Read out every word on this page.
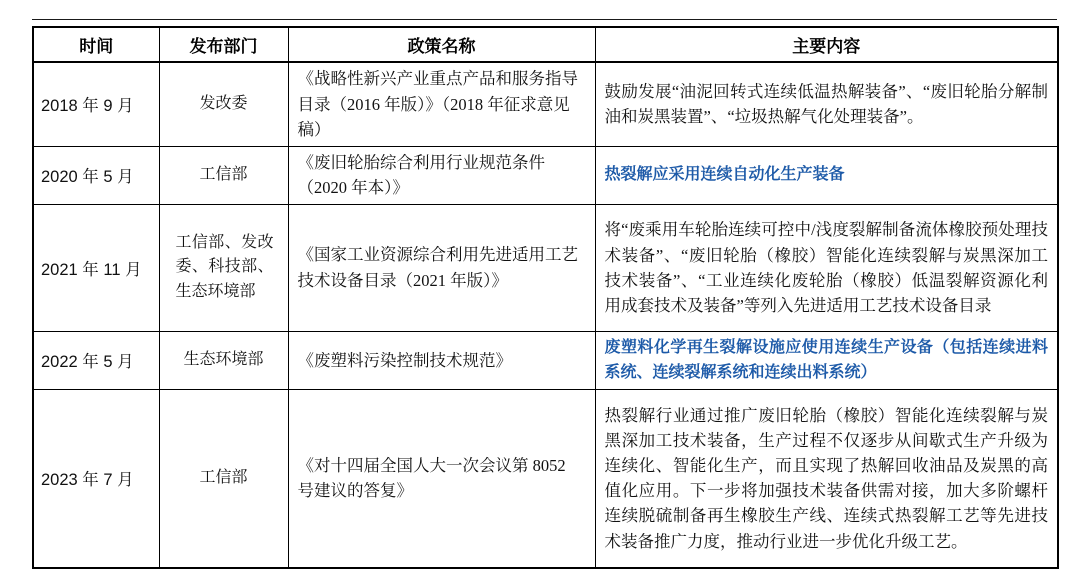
时间	发布部门	政策名称	主要内容
2018 年 9 月	发改委	《战略性新兴产业重点产品和服务指导目录（2016 年版）》（2018 年征求意见稿）	鼓励发展“油泥回转式连续低温热解装备”、“废旧轮胎分解制油和炭黑装置”、“垃圾热解气化处理装备”。
2020 年 5 月	工信部	《废旧轮胎综合利用行业规范条件（2020 年本）》	热裂解应采用连续自动化生产装备
2021 年 11 月	工信部、发改委、科技部、生态环境部	《国家工业资源综合利用先进适用工艺技术设备目录（2021 年版）》	将“废乘用车轮胎连续可控中/浅度裂解制备流体橡胶预处理技术装备”、“废旧轮胎（橡胶）智能化连续裂解与炭黑深加工技术装备”、“工业连续化废轮胎（橡胶）低温裂解资源化利用成套技术及装备”等列入先进适用工艺技术设备目录
2022 年 5 月	生态环境部	《废塑料污染控制技术规范》	废塑料化学再生裂解设施应使用连续生产设备（包括连续进料系统、连续裂解系统和连续出料系统）
2023 年 7 月	工信部	《对十四届全国人大一次会议第 8052 号建议的答复》	热裂解行业通过推广废旧轮胎（橡胶）智能化连续裂解与炭黑深加工技术装备，生产过程不仅逐步从间歇式生产升级为连续化、智能化生产，而且实现了热解回收油品及炭黑的高值化应用。下一步将加强技术装备供需对接，加大多阶螺杆连续脱硫制备再生橡胶生产线、连续式热裂解工艺等先进技术装备推广力度，推动行业进一步优化升级工艺。
